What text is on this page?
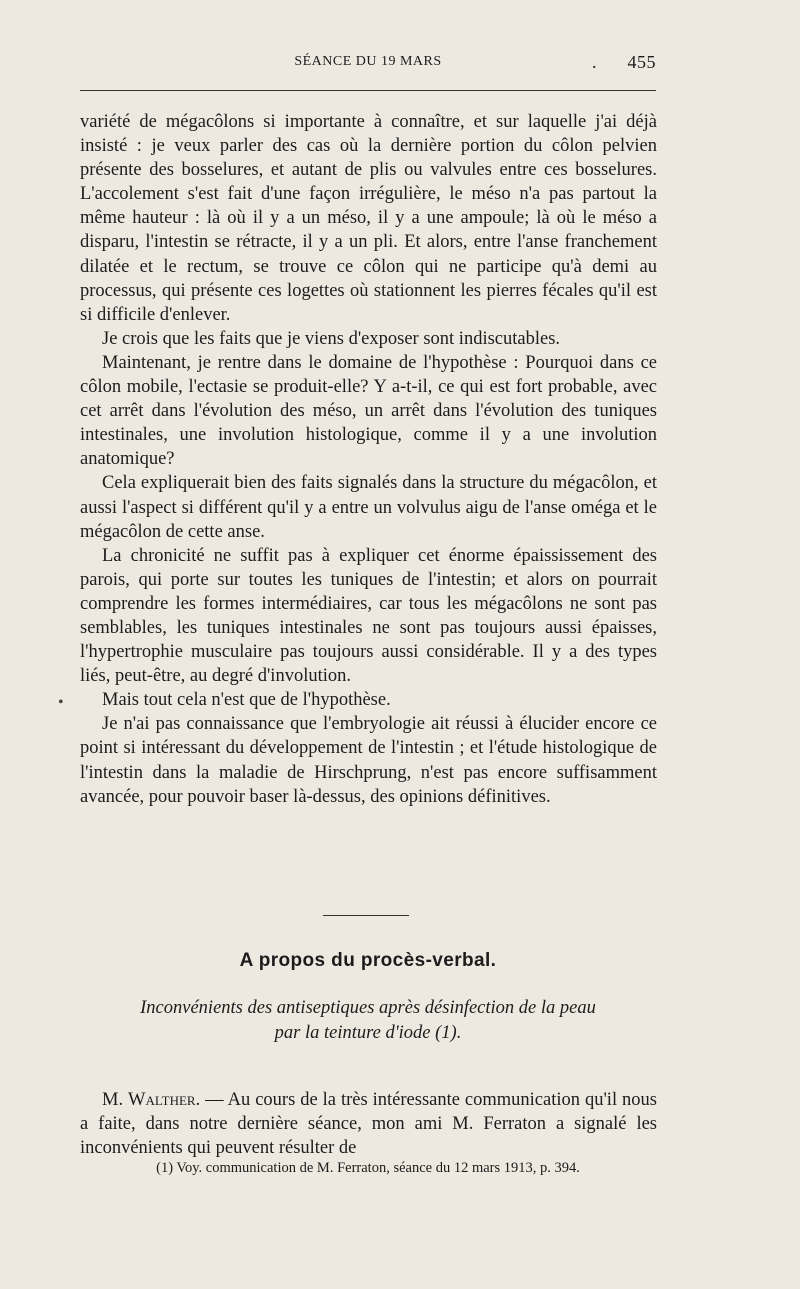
SÉANCE DU 19 MARS	. 455

variété de mégacôlons si importante à connaître, et sur laquelle j'ai déjà insisté : je veux parler des cas où la dernière portion du côlon pelvien présente des bosselures, et autant de plis ou valvules entre ces bosselures. L'accolement s'est fait d'une façon irrégulière, le méso n'a pas partout la même hauteur : là où il y a un méso, il y a une ampoule; là où le méso a disparu, l'intestin se rétracte, il y a un pli. Et alors, entre l'anse franchement dilatée et le rectum, se trouve ce côlon qui ne participe qu'à demi au processus, qui présente ces logettes où stationnent les pierres fécales qu'il est si difficile d'enlever.

Je crois que les faits que je viens d'exposer sont indiscutables.

Maintenant, je rentre dans le domaine de l'hypothèse : Pourquoi dans ce côlon mobile, l'ectasie se produit-elle? Y a-t-il, ce qui est fort probable, avec cet arrêt dans l'évolution des méso, un arrêt dans l'évolution des tuniques intestinales, une involution histologique, comme il y a une involution anatomique?

Cela expliquerait bien des faits signalés dans la structure du mégacôlon, et aussi l'aspect si différent qu'il y a entre un volvulus aigu de l'anse oméga et le mégacôlon de cette anse.

La chronicité ne suffit pas à expliquer cet énorme épaississement des parois, qui porte sur toutes les tuniques de l'intestin; et alors on pourrait comprendre les formes intermédiaires, car tous les mégacôlons ne sont pas semblables, les tuniques intestinales ne sont pas toujours aussi épaisses, l'hypertrophie musculaire pas toujours aussi considérable. Il y a des types liés, peut-être, au degré d'involution.

Mais tout cela n'est que de l'hypothèse.

Je n'ai pas connaissance que l'embryologie ait réussi à élucider encore ce point si intéressant du développement de l'intestin ; et l'étude histologique de l'intestin dans la maladie de Hirschprung, n'est pas encore suffisamment avancée, pour pouvoir baser là-dessus, des opinions définitives.

•
A propos du procès-verbal.
Inconvénients des antiseptiques après désinfection de la peau
par la teinture d'iode (1).

M. Walther. — Au cours de la très intéressante communication qu'il nous a faite, dans notre dernière séance, mon ami M. Ferraton a signalé les inconvénients qui peuvent résulter de

(1) Voy. communication de M. Ferraton, séance du 12 mars 1913, p. 394.
